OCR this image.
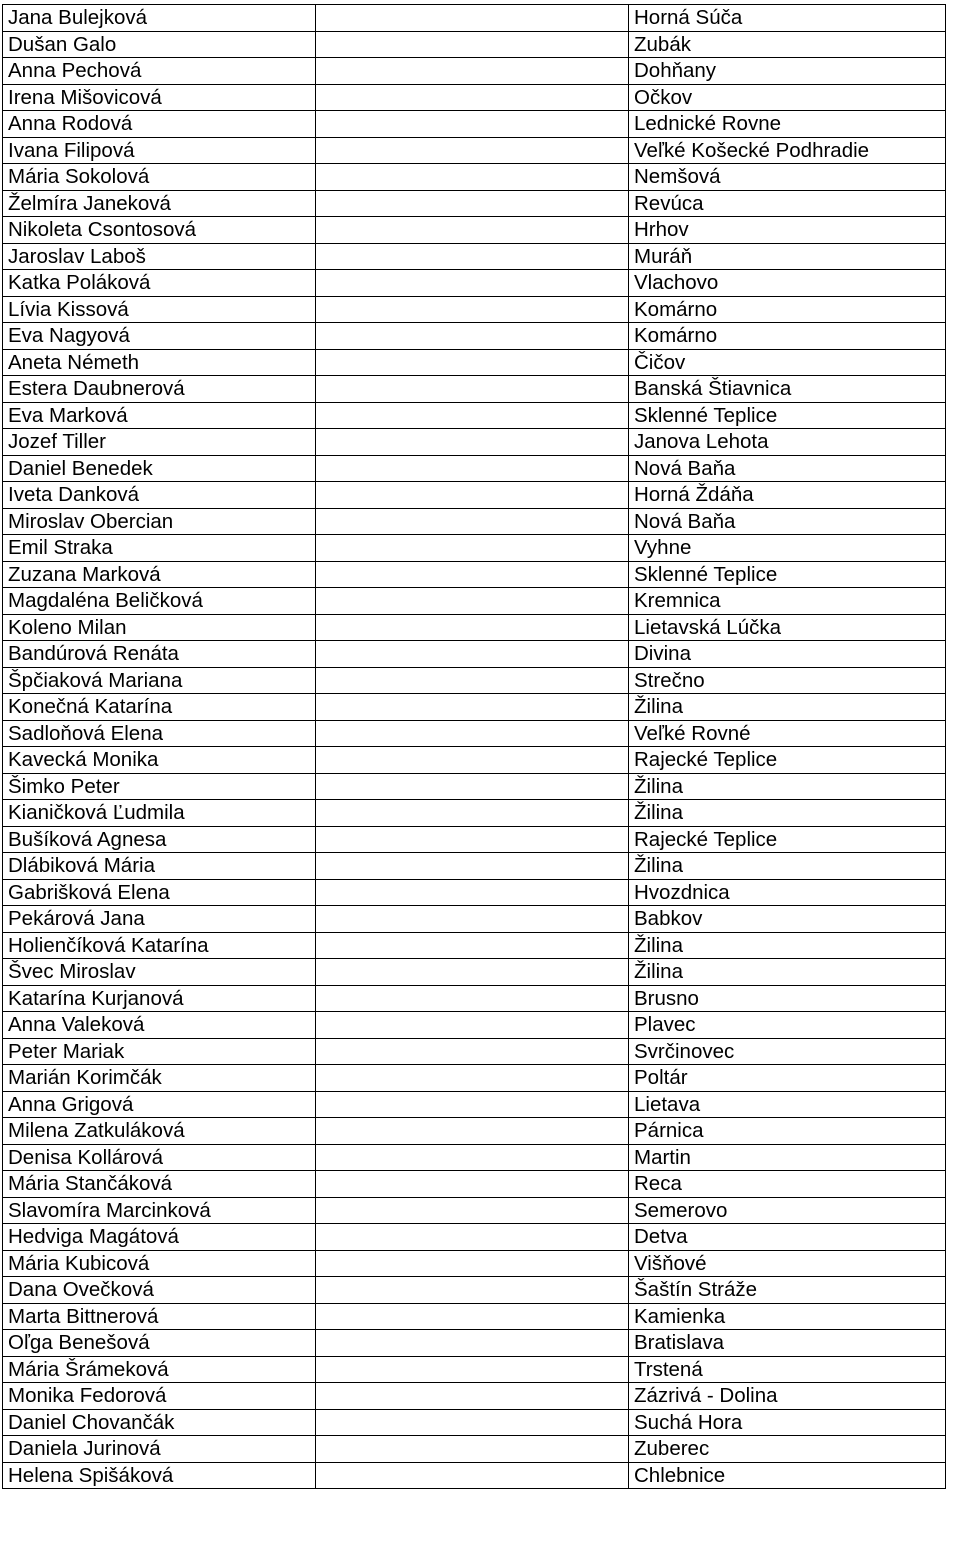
Jana Bulejková		Horná Súča
Dušan Galo		Zubák
Anna Pechová		Dohňany
Irena Mišovicová		Očkov
Anna Rodová		Lednické Rovne
Ivana Filipová		Veľké Košecké Podhradie
Mária Sokolová		Nemšová
Želmíra Janeková		Revúca
Nikoleta Csontosová		Hrhov
Jaroslav Laboš		Muráň
Katka Poláková		Vlachovo
Lívia Kissová		Komárno
Eva Nagyová		Komárno
Aneta Németh		Čičov
Estera Daubnerová		Banská Štiavnica
Eva Marková		Sklenné Teplice
Jozef Tiller		Janova Lehota
Daniel Benedek		Nová Baňa
Iveta Danková		Horná Ždáňa
Miroslav Obercian		Nová Baňa
Emil Straka		Vyhne
Zuzana Marková		Sklenné Teplice
Magdaléna Beličková		Kremnica
Koleno Milan		Lietavská Lúčka
Bandúrová Renáta		Divina
Špčiaková Mariana		Strečno
Konečná Katarína		Žilina
Sadloňová Elena		Veľké Rovné
Kavecká Monika		Rajecké Teplice
Šimko Peter		Žilina
Kianičková Ľudmila		Žilina
Bušíková Agnesa		Rajecké Teplice
Dlábiková Mária		Žilina
Gabrišková Elena		Hvozdnica
Pekárová Jana		Babkov
Holienčíková Katarína		Žilina
Švec Miroslav		Žilina
Katarína Kurjanová		Brusno
Anna Valeková		Plavec
Peter Mariak		Svrčinovec
Marián Korimčák		Poltár
Anna Grigová		Lietava
Milena Zatkuláková		Párnica
Denisa Kollárová		Martin
Mária Stančáková		Reca
Slavomíra Marcinková		Semerovo
Hedviga Magátová		Detva
Mária Kubicová		Višňové
Dana Ovečková		Šaštín Stráže
Marta Bittnerová		Kamienka
Oľga Benešová		Bratislava
Mária Šrámeková		Trstená
Monika Fedorová		Zázrivá - Dolina
Daniel Chovančák		Suchá Hora
Daniela Jurinová		Zuberec
Helena Spišáková		Chlebnice
